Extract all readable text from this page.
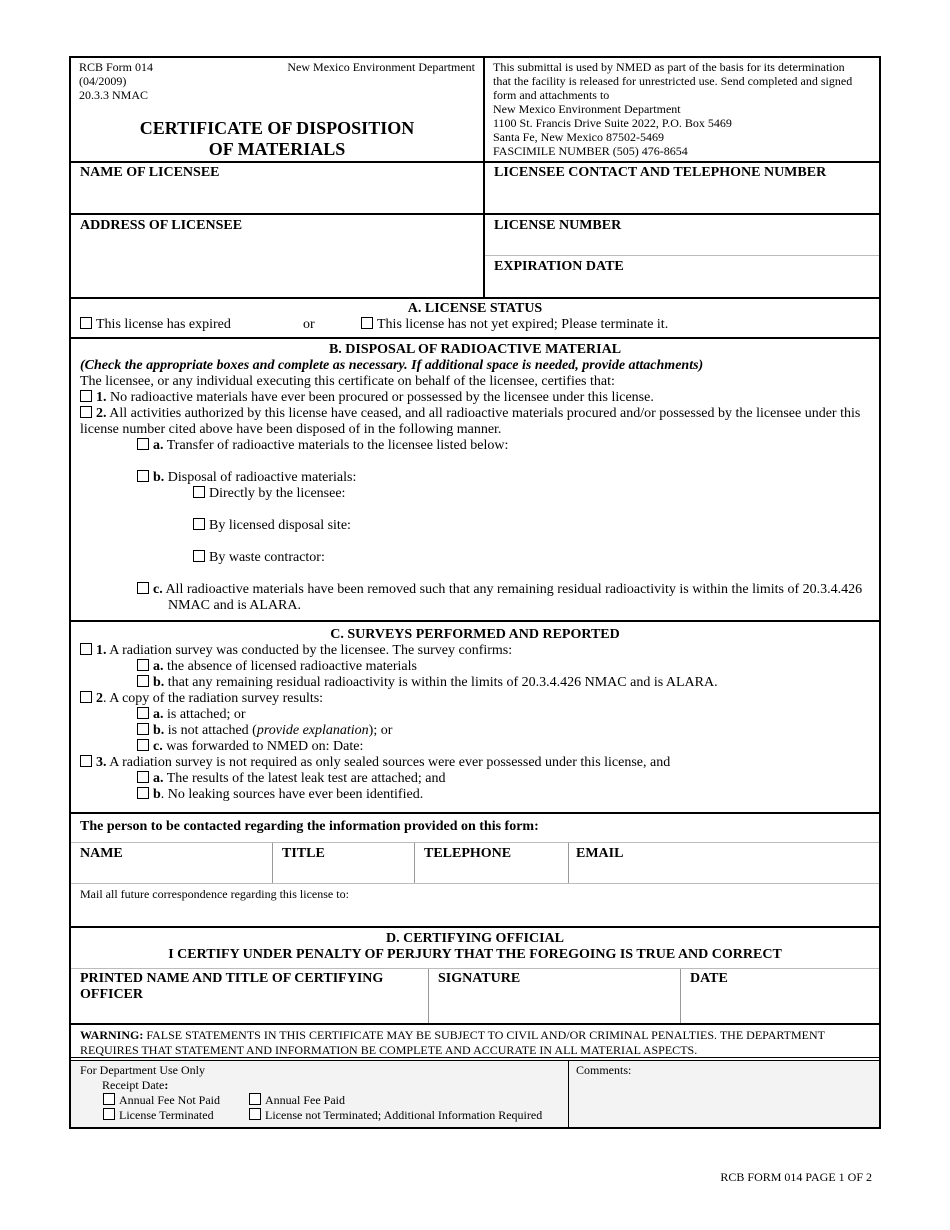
RCB Form 014	New Mexico Environment Department
(04/2009)
20.3.3 NMAC
CERTIFICATE OF DISPOSITION
OF MATERIALS
This submittal is used by NMED as part of the basis for its determination
that the facility is released for unrestricted use. Send completed and signed
form and attachments to
New Mexico Environment Department
1100 St. Francis Drive Suite 2022, P.O. Box 5469
Santa Fe, New Mexico 87502-5469
FASCIMILE NUMBER (505) 476-8654
NAME OF LICENSEE	LICENSEE CONTACT AND TELEPHONE NUMBER
ADDRESS OF LICENSEE	LICENSE NUMBER
EXPIRATION DATE
A. LICENSE STATUS
This license has expired	or	This license has not yet expired; Please terminate it.
B. DISPOSAL OF RADIOACTIVE MATERIAL
(Check the appropriate boxes and complete as necessary. If additional space is needed, provide attachments)
The licensee, or any individual executing this certificate on behalf of the licensee, certifies that:
1. No radioactive materials have ever been procured or possessed by the licensee under this license.
2. All activities authorized by this license have ceased, and all radioactive materials procured and/or possessed by the licensee under this
license number cited above have been disposed of in the following manner.
a. Transfer of radioactive materials to the licensee listed below:
b. Disposal of radioactive materials:
Directly by the licensee:
By licensed disposal site:
By waste contractor:
c. All radioactive materials have been removed such that any remaining residual radioactivity is within the limits of 20.3.4.426
NMAC and is ALARA.
C. SURVEYS PERFORMED AND REPORTED
1. A radiation survey was conducted by the licensee. The survey confirms:
a. the absence of licensed radioactive materials
b. that any remaining residual radioactivity is within the limits of 20.3.4.426 NMAC and is ALARA.
2. A copy of the radiation survey results:
a. is attached; or
b. is not attached (provide explanation); or
c. was forwarded to NMED on: Date:
3. A radiation survey is not required as only sealed sources were ever possessed under this license, and
a. The results of the latest leak test are attached; and
b. No leaking sources have ever been identified.
The person to be contacted regarding the information provided on this form:
NAME	TITLE	TELEPHONE	EMAIL
Mail all future correspondence regarding this license to:
D. CERTIFYING OFFICIAL
I CERTIFY UNDER PENALTY OF PERJURY THAT THE FOREGOING IS TRUE AND CORRECT
PRINTED NAME AND TITLE OF CERTIFYING
OFFICER
SIGNATURE	DATE
WARNING: FALSE STATEMENTS IN THIS CERTIFICATE MAY BE SUBJECT TO CIVIL AND/OR CRIMINAL PENALTIES. THE DEPARTMENT REQUIRES THAT STATEMENT AND INFORMATION BE COMPLETE AND ACCURATE IN ALL MATERIAL ASPECTS.
For Department Use Only
Receipt Date:
Annual Fee Not Paid	Annual Fee Paid
License Terminated	License not Terminated; Additional Information Required
Comments:
RCB FORM 014 PAGE 1 OF 2
